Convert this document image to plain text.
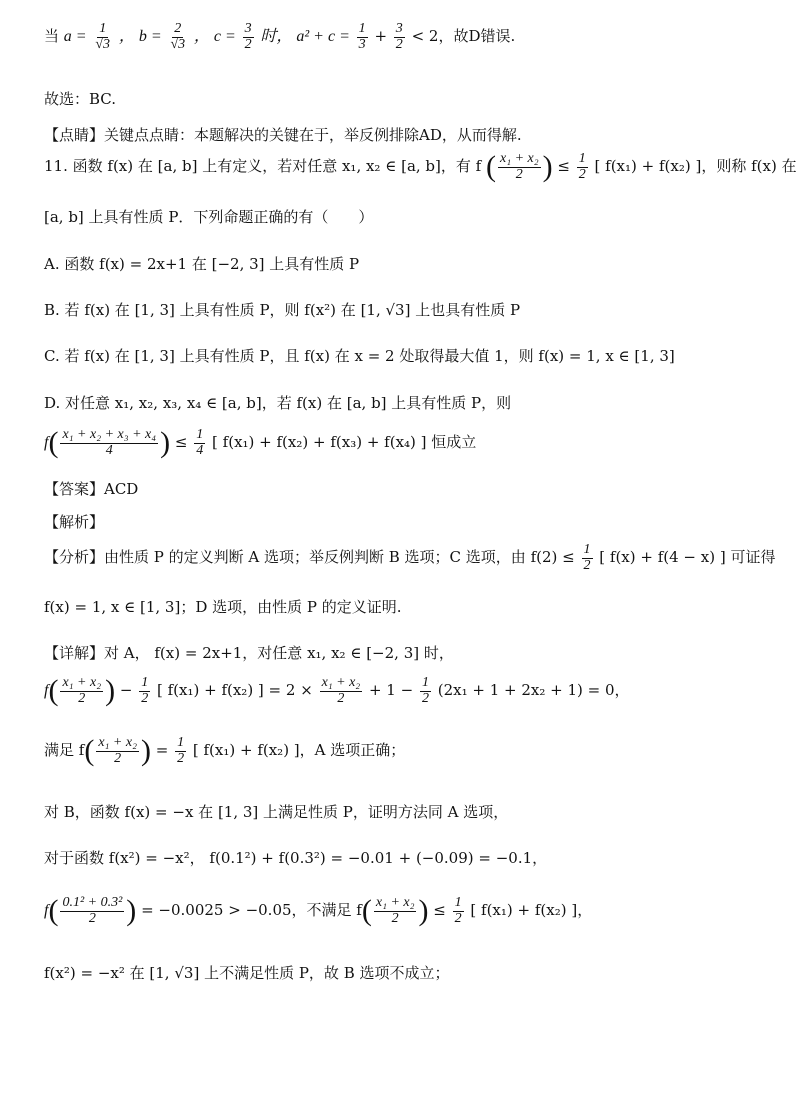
当 $a = \frac{1}{√3}$ ， $b = \frac{2}{√3}$ ， $c = \frac{3}{2}$ 时， $a^2 + c = \frac{1}{3} + \frac{3}{2} < 2$，故D错误.
故选：BC.
【点睛】关键点点睛：本题解决的关键在于，举反例排除AD，从而得解.
11. 函数 f(x) 在 [a, b] 上有定义，若对任意 x₁, x₂ ∈ [a, b]，有 f ( $\frac{\text{x₁ + x₂}}{2}$ ) ≤ $\frac{1}{2}$ [ f(x₁) + f(x₂) ]，则称 f(x) 在
[a, b] 上具有性质 P．下列命题正确的有（　　）
A. 函数 f(x) = 2x+1 在 [−2, 3] 上具有性质 P
B. 若 f(x) 在 [1, 3] 上具有性质 P，则 f(x²) 在 [1, √3] 上也具有性质 P
C. 若 f(x) 在 [1, 3] 上具有性质 P，且 f(x) 在 x = 2 处取得最大值 1，则 f(x) = 1, x ∈ [1, 3]
D. 对任意 x₁, x₂, x₃, x₄ ∈ [a, b]，若 f(x) 在 [a, b] 上具有性质 P，则
$f( \frac{\text{x₁ + x₂ + x₃ + x₄}}{4}$ ) ≤ $\frac{1}{4}$ [ f(x₁) + f(x₂) + f(x₃) + f(x₄) ] 恒成立
【答案】ACD
【解析】
【分析】由性质 P 的定义判断 A 选项；举反例判断 B 选项；C 选项，由 $f(2) \le \frac{1}{2}$ [ f(x) + f(4 − x) ] 可证得
f(x) = 1, x ∈ [1, 3]；D 选项，由性质 P 的定义证明.
【详解】对 A， f(x) = 2x+1，对任意 x₁, x₂ ∈ [−2, 3] 时，
$f( \frac{\text{x₁ + x₂}}{2}$ ) − $\frac{1}{2}$ [ f(x₁) + f(x₂) ] = $2 \times \frac{\text{x₁ + x₂}}{2} + 1 - \frac{1}{2} (2x_1 + 1 + 2x_2 + 1) = 0$，
满足 $f( \frac{\text{x₁ + x₂}}{2}$ ) = $\frac{1}{2}$ [ f(x₁) + f(x₂) ]，A 选项正确；
对 B，函数 f(x) = −x 在 [1, 3] 上满足性质 P，证明方法同 A 选项，
对于函数 f(x²) = −x²， f(0.1²) + f(0.3²) = −0.01 + (−0.09) = −0.1，
$f( \frac{\text{0.1² + 0.3²}}{2}$ ) = −0.0025 > −0.05，不满足 $f( \frac{\text{x₁ + x₂}}{2}$ ) ≤ $\frac{1}{2}$ [ f(x₁) + f(x₂) ]，
f(x²) = −x² 在 [1, √3] 上不满足性质 P，故 B 选项不成立；
